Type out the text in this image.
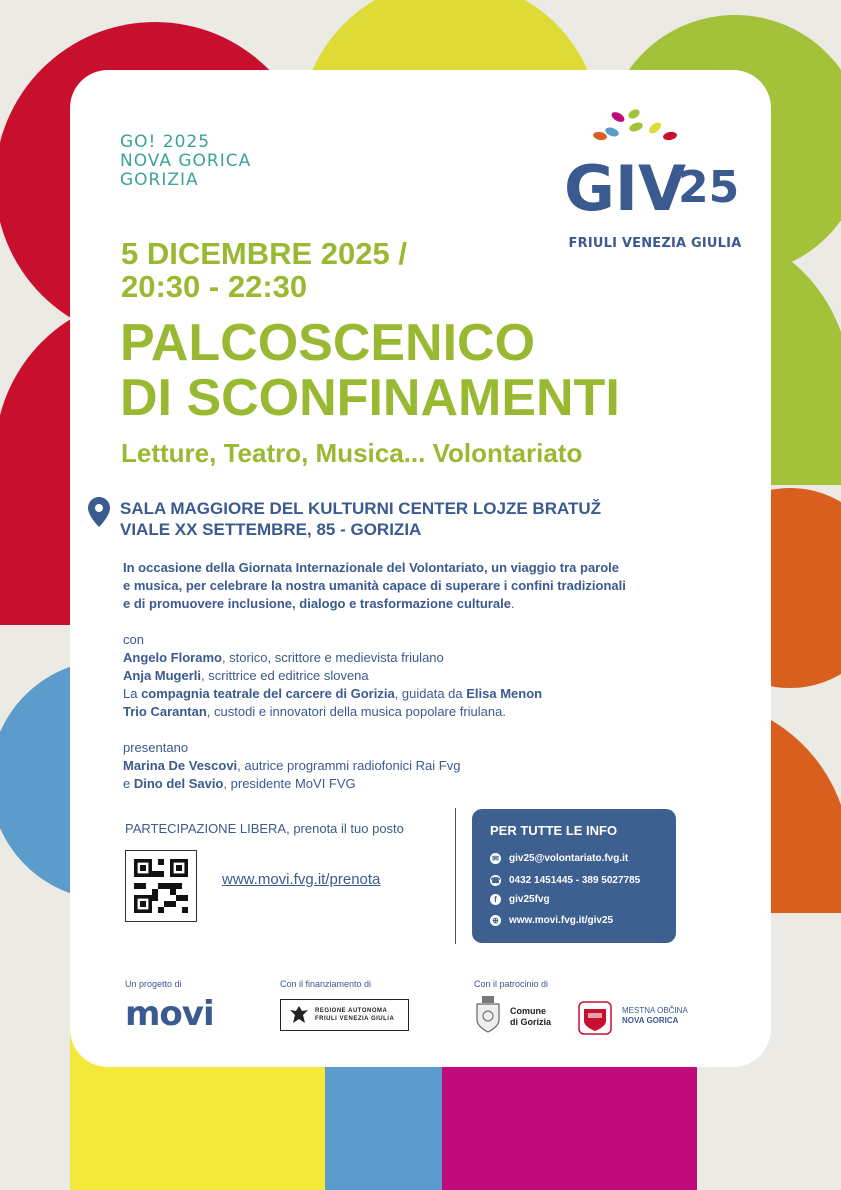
GO! 2025
NOVA GORICA
GORIZIA	GIV
25
FRIULI VENEZIA GIULIA
5 DICEMBRE 2025 /
20:30 - 22:30
PALCOSCENICO
DI SCONFINAMENTI
Letture, Teatro, Musica... Volontariato
SALA MAGGIORE DEL KULTURNI CENTER LOJZE BRATUŽ
VIALE XX SETTEMBRE, 85 - GORIZIA
In occasione della Giornata Internazionale del Volontariato, un viaggio tra parole
e musica, per celebrare la nostra umanità capace di superare i confini tradizionali
e di promuovere inclusione, dialogo e trasformazione culturale.
con
Angelo Floramo, storico, scrittore e medievista friulano
Anja Mugerli, scrittrice ed editrice slovena
La compagnia teatrale del carcere di Gorizia, guidata da Elisa Menon
Trio Carantan, custodi e innovatori della musica popolare friulana.
presentano
Marina De Vescovi, autrice programmi radiofonici Rai Fvg
e Dino del Savio, presidente MoVI FVG
PARTECIPAZIONE LIBERA, prenota il tuo posto
www.movi.fvg.it/prenota
PER TUTTE LE INFO
✉ giv25@volontariato.fvg.it
☎ 0432 1451445 - 389 5027785
f	giv25fvg
⊕ www.movi.fvg.it/giv25
Un progetto di
movi
Con il finanziamento di
REGIONE AUTONOMA
FRIULI VENEZIA GIULIA
Con il patrocinio di
Comune
di Gorizia
MESTNA OBČINA
NOVA GORICA
